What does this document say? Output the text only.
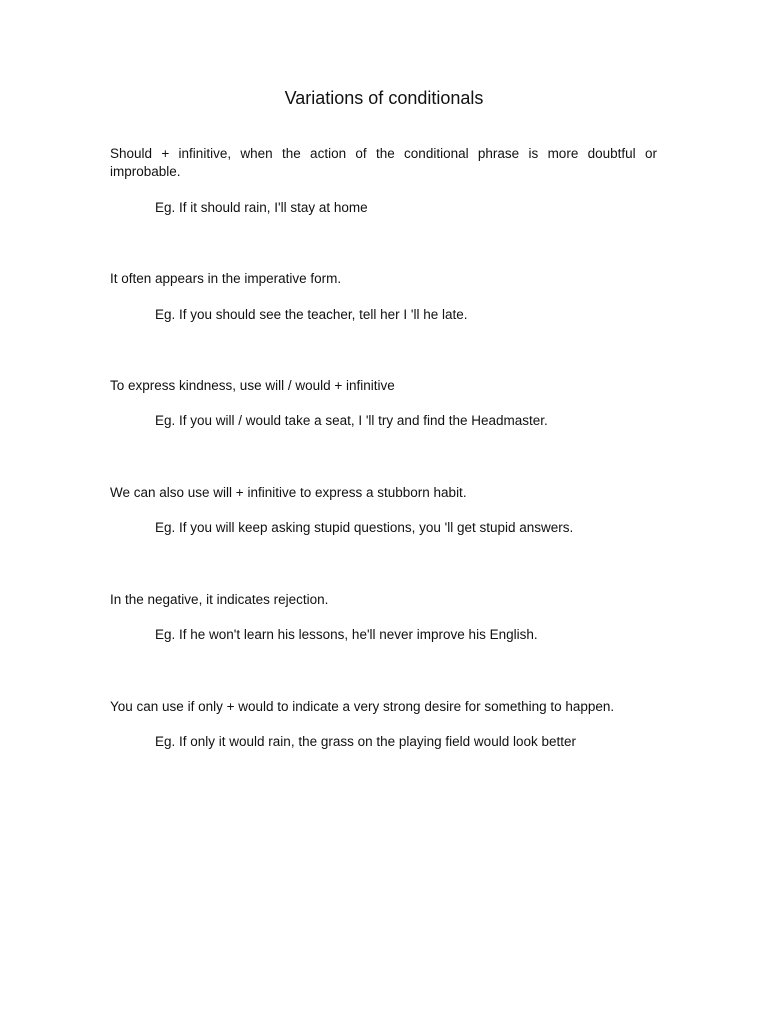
Variations of conditionals
Should + infinitive, when the action of the conditional phrase is more doubtful or improbable.
Eg. If it should rain, I'll stay at home
It often appears in the imperative form.
Eg. If you should see the teacher, tell her I 'll he late.
To express kindness, use will / would + infinitive
Eg. If you will / would take a seat, I 'll try and find the Headmaster.
We can also use will + infinitive to express a stubborn habit.
Eg. If you will keep asking stupid questions, you 'll get stupid answers.
In the negative, it indicates rejection.
Eg. If he won't learn his lessons, he'll never improve his English.
You can use if only + would to indicate a very strong desire for something to happen.
Eg. If only it would rain, the grass on the playing field would look better
